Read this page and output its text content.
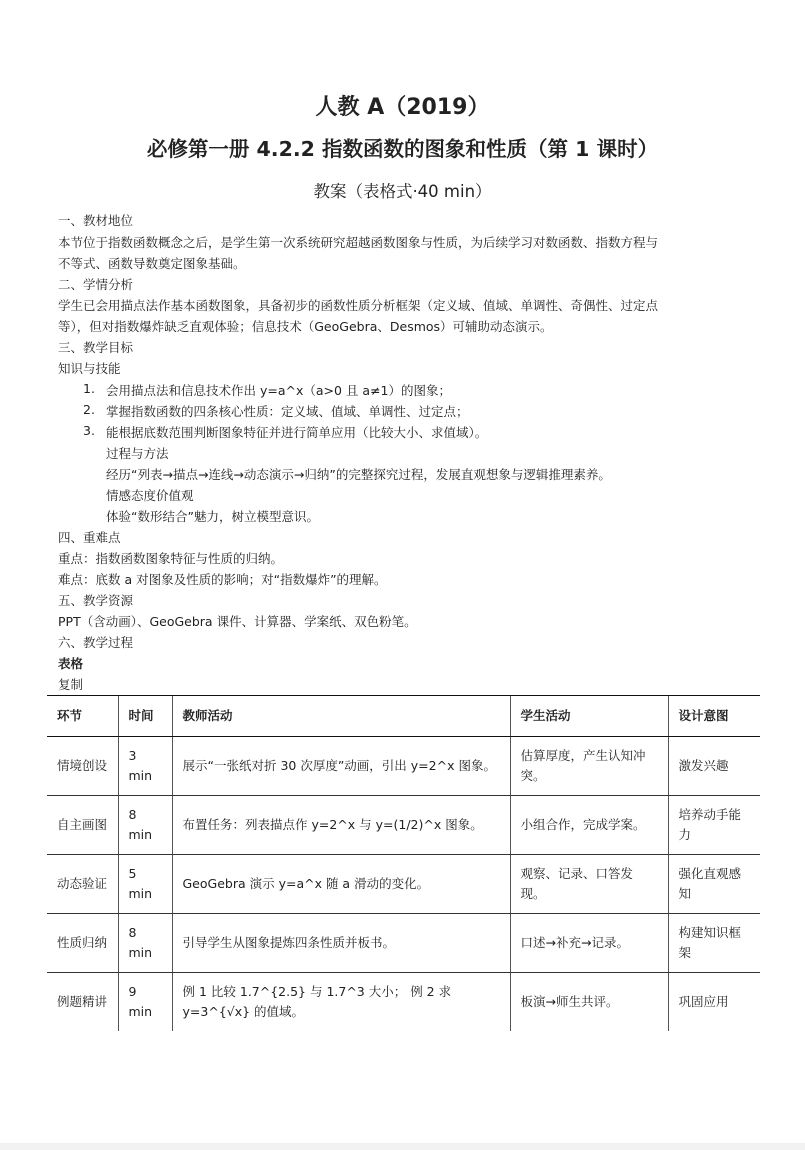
人教 A（2019）
必修第一册 4.2.2 指数函数的图象和性质（第 1 课时）
教案（表格式·40 min）
一、教材地位
本节位于指数函数概念之后，是学生第一次系统研究超越函数图象与性质，为后续学习对数函数、指数方程与
不等式、函数导数奠定图象基础。
二、学情分析
学生已会用描点法作基本函数图象，具备初步的函数性质分析框架（定义域、值域、单调性、奇偶性、过定点
等），但对指数爆炸缺乏直观体验；信息技术（GeoGebra、Desmos）可辅助动态演示。
三、教学目标
知识与技能
1. 会用描点法和信息技术作出 y=a^x（a>0 且 a≠1）的图象；
2. 掌握指数函数的四条核心性质：定义域、值域、单调性、过定点；
3. 能根据底数范围判断图象特征并进行简单应用（比较大小、求值域）。
过程与方法
经历“列表→描点→连线→动态演示→归纳”的完整探究过程，发展直观想象与逻辑推理素养。
情感态度价值观
体验“数形结合”魅力，树立模型意识。
四、重难点
重点：指数函数图象特征与性质的归纳。
难点：底数 a 对图象及性质的影响；对“指数爆炸”的理解。
五、教学资源
PPT（含动画）、GeoGebra 课件、计算器、学案纸、双色粉笔。
六、教学过程
表格
复制
环节	时间	教师活动	学生活动	设计意图
情境创设	3 min	展示“一张纸对折 30 次厚度”动画，引出 y=2^x 图象。	估算厚度，产生认知冲突。	激发兴趣
自主画图	8 min	布置任务：列表描点作 y=2^x 与 y=(1/2)^x 图象。	小组合作，完成学案。	培养动手能力
动态验证	5 min	GeoGebra 演示 y=a^x 随 a 滑动的变化。	观察、记录、口答发现。	强化直观感知
性质归纳	8 min	引导学生从图象提炼四条性质并板书。	口述→补充→记录。	构建知识框架
例题精讲	9 min	例 1 比较 1.7^{2.5} 与 1.7^3 大小； 例 2 求 y=3^{√x} 的值域。	板演→师生共评。	巩固应用
